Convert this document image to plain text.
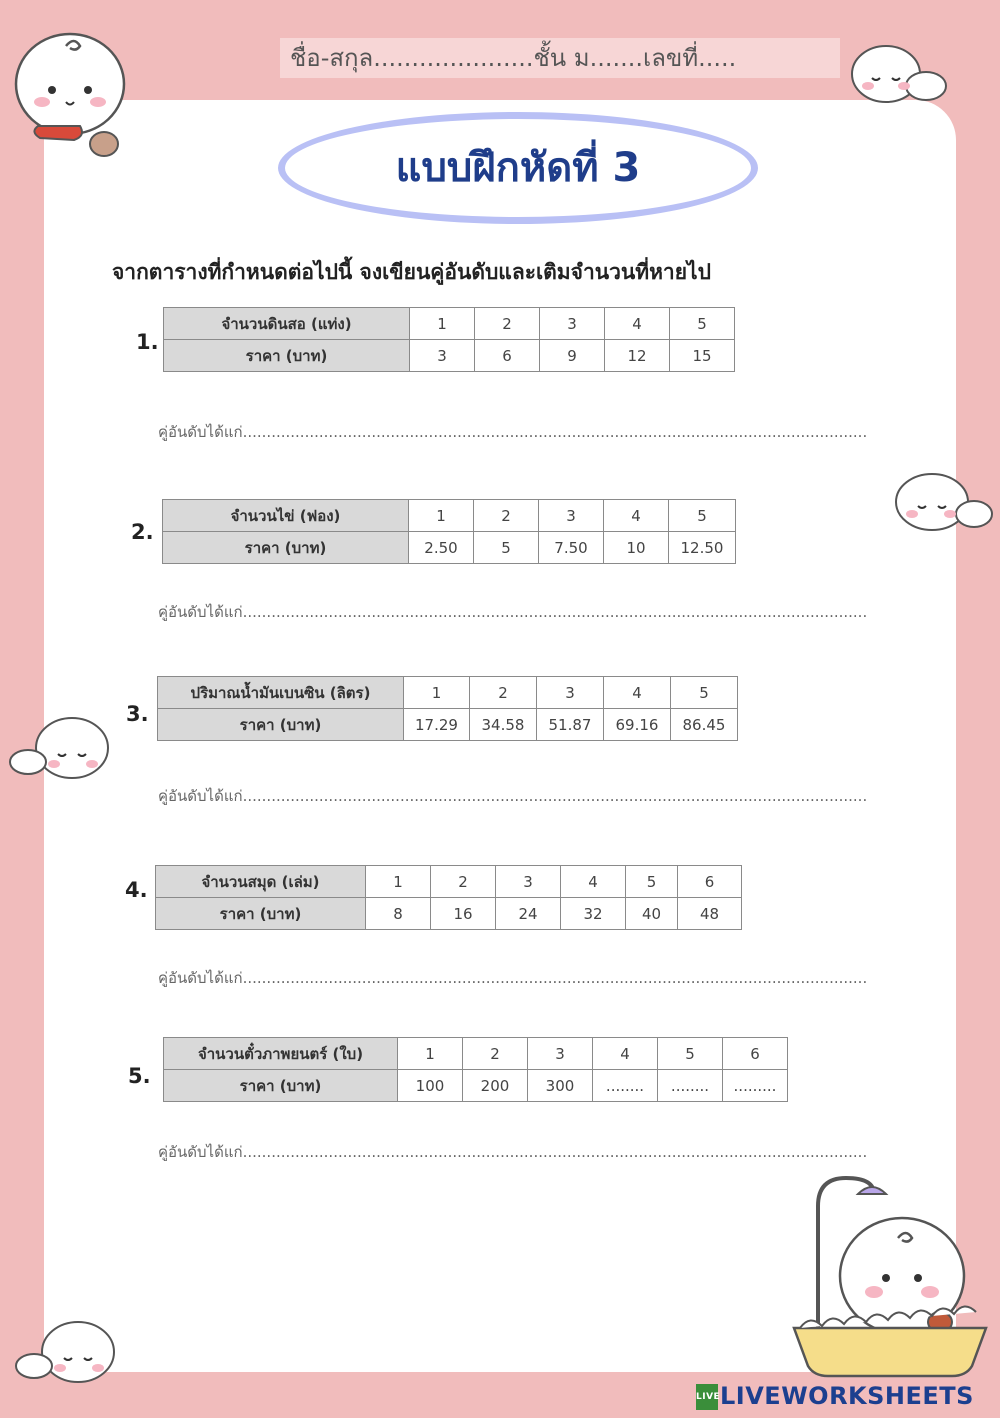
ชื่อ-สกุล.....................ชั้น ม.......เลขที่.....
แบบฝึกหัดที่ 3
จากตารางที่กำหนดต่อไปนี้ จงเขียนคู่อันดับและเติมจำนวนที่หายไป
1.
จำนวนดินสอ (แท่ง)	1	2	3	4	5
ราคา (บาท)	3	6	9	12	15
คู่อันดับได้แก่...................................................................................................................................
2.
จำนวนไข่ (ฟอง)	1	2	3	4	5
ราคา (บาท)	2.50	5	7.50	10	12.50
คู่อันดับได้แก่...................................................................................................................................
3.
ปริมาณน้ำมันเบนซิน (ลิตร)	1	2	3	4	5
ราคา (บาท)	17.29	34.58	51.87	69.16	86.45
คู่อันดับได้แก่...................................................................................................................................
4.	จำนวนสมุด (เล่ม)	1	2	3	4	5	6
ราคา (บาท)	8	16	24	32	40	48
คู่อันดับได้แก่...................................................................................................................................
5.
จำนวนตั๋วภาพยนตร์ (ใบ)	1	2	3	4	5	6
ราคา (บาท)	100	200	300	........	........	.........
คู่อันดับได้แก่...................................................................................................................................
LIVELIVEWORKSHEETS
